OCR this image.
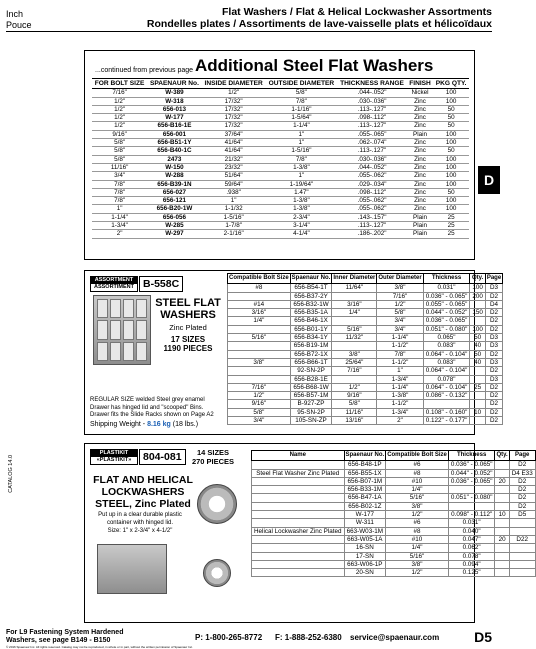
Inch
Pouce
Flat Washers / Flat & Helical Lockwasher Assortments
Rondelles plates / Assortiments de lave-vaisselle plats et hélicoïdaux
D
...continued from previous page Additional Steel Flat Washers
FOR BOLT SIZE	SPAENAUR No.	INSIDE DIAMETER	OUTSIDE DIAMETER	THICKNESS RANGE	FINISH	PKG QTY.
7/16"	W-389	1/2"	5/8"	.044-.052"	Nickel	100
1/2"	W-318	17/32"	7/8"	.030-.036"	Zinc	100
1/2"	656-013	17/32"	1-1/16"	.113-.127"	Zinc	50
1/2"	W-177	17/32"	1-5/64"	.098-.112"	Zinc	50
1/2"	656-B16-1E	17/32"	1-1/4"	.113-.127"	Zinc	50
9/16"	656-001	37/64"	1"	.055-.065"	Plain	100
5/8"	656-B51-1Y	41/64"	1"	.062-.074"	Zinc	100
5/8"	656-B40-1C	41/64"	1-5/16"	.113-.127"	Zinc	50
5/8"	2473	21/32"	7/8"	.030-.036"	Zinc	100
11/16"	W-150	23/32"	1-3/8"	.044-.052"	Zinc	100
3/4"	W-288	51/64"	1"	.055-.062"	Zinc	100
7/8"	656-B39-1N	59/64"	1-19/64"	.029-.034"	Zinc	100
7/8"	656-027	.938"	1.47"	.098-.112"	Zinc	50
7/8"	656-121	1"	1-3/8"	.055-.062"	Zinc	100
1"	656-B20-1W	1-1/32	1-3/8"	.055-.062"	Zinc	100
1-1/4"	656-056	1-5/16"	2-3/4"	.143-.157"	Plain	25
1-3/4"	W-285	1-7/8"	3-1/4"	.113-.127"	Plain	25
2"	W-297	2-1/16"	4-1/4"	.186-.202"	Plain	25
ASSORTMENT
ASSORTIMENT B-558C
STEEL FLAT
WASHERS
Zinc Plated
17 SIZES
1190 PIECES
REGULAR SIZE welded Steel grey enamel Drawer has hinged lid and "scooped" Bins. Drawer fits the Slide Racks shown on Page A2
Shipping Weight - 8.16 kg (18 lbs.)
Compatible Bolt Size	Spaenaur No.	Inner Diameter	Outer Diameter	Thickness	Qty.	Page
#8	656-B54-1T	11/64"	3/8"	0.031"	100	D3
	656-B37-2Y		7/16"	0.036" - 0.065"	200	D2
#14	656-B32-1W	3/16"	1/2"	0.055" - 0.065"		D4
3/16"	656-B35-1A	1/4"	5/8"	0.044" - 0.052"	150	D2
1/4"	656-B46-1X		3/4"	0.036" - 0.065"		D2
	656-B01-1Y	5/16"	3/4"	0.051" - 0.080"	100	D2
5/16"	656-B34-1Y	11/32"	1-1/4"	0.065"	50	D3
	656-B19-1M		1-1/2"	0.083"	40	D3
	656-B72-1X	3/8"	7/8"	0.064" - 0.104"	50	D2
3/8"	656-B66-1T	25/64"	1-1/2"	0.083"	40	D3
	92-SN-2P	7/16"	1"	0.064" - 0.104"		D2
	656-B28-1E		1-3/4"	0.078"		D3
7/16"	656-B68-1W	1/2"	1-1/4"	0.064" - 0.104"	25	D2
1/2"	656-B57-1M	9/16"	1-3/8"	0.086" - 0.132"		D2
9/16"	B-927-ZP	5/8"	1-1/2"			D2
5/8"	95-SN-2P	11/16"	1-3/4"	0.108" - 0.160"	10	D2
3/4"	105-SN-ZP	13/16"	2"	0.122" - 0.177"		D2
PLASTIKIT
«PLASTIKIT»	804-081	14 SIZES
270 PIECES
FLAT AND HELICAL
LOCKWASHERS
STEEL, Zinc Plated
Put up in a clear durable plastic container with hinged lid.
Size: 1" x 2-3/4" x 4-1/2"
Name	Spaenaur No.	Compatible Bolt Size	Thickness	Qty.	Page
	656-B48-1P	#6	0.036" - 0.065"		D2
Steel Flat Washer Zinc Plated	656-B55-1X	#8	0.044" - 0.052"		D4 E33
	656-B07-1M	#10	0.036" - 0.065"	20	D2
	656-B33-1M	1/4"			D2
	656-B47-1A	5/16"	0.051" - 0.080"		D2
	656-B02-1Z	3/8"			D2
	W-177	1/2"	0.098" - 0.112"	10	D5
	W-311	#6	0.031"		
Helical Lockwasher Zinc Plated	663-W03-1M	#8	0.040"		
	663-W05-1A	#10	0.047"	20	D22
	16-SN	1/4"	0.062"		
	17-SN	5/16"	0.078"		
	663-W06-1P	3/8"	0.094"		
	20-SN	1/2"	0.125"		
CATALOG 14.0
For L9 Fastening System Hardened
Washers, see page B149 - B150	P: 1-800-265-8772 F: 1-888-252-6380 service@spaenaur.com D5
© 2016 Spaenaur Inc. All rights reserved. Catalog may not be reproduced, in whole or in part, without the written permission of Spaenaur Inc.
